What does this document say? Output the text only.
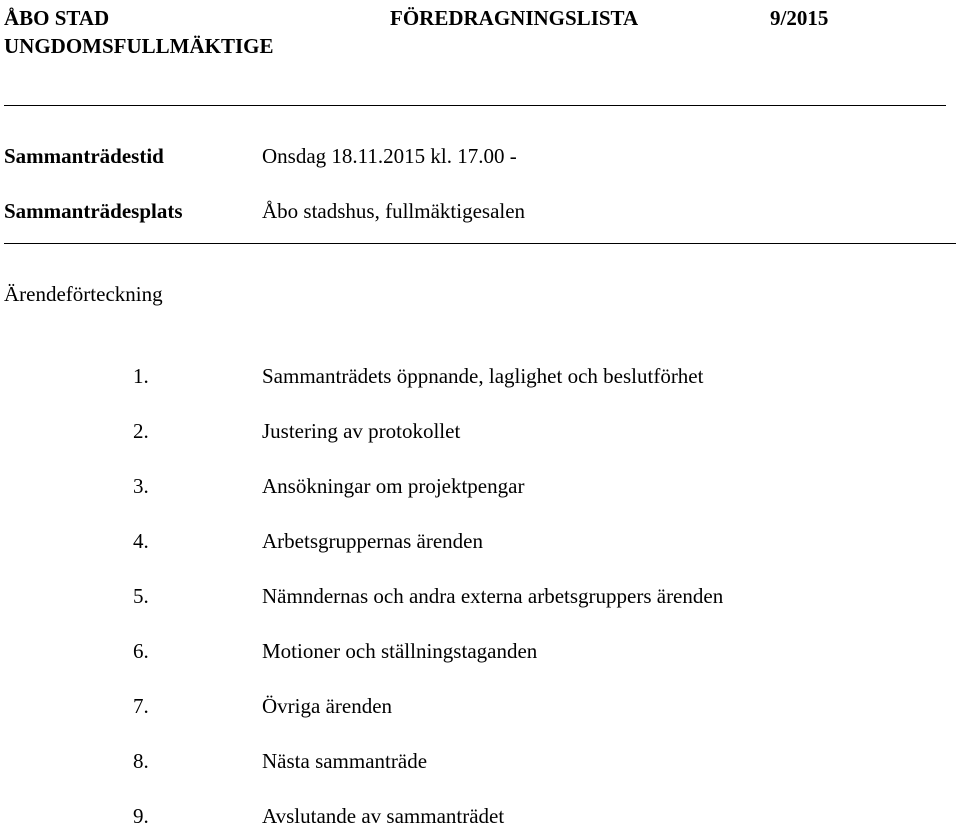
ÅBO STAD
UNGDOMSFULLMÄKTIGE
FÖREDRAGNINGSLISTA	9/2015
Sammanträdestid	Onsdag 18.11.2015 kl. 17.00 -
Sammanträdesplats	Åbo stadshus, fullmäktigesalen
Ärendeförteckning
1.	Sammanträdets öppnande, laglighet och beslutförhet
2.	Justering av protokollet
3.	Ansökningar om projektpengar
4.	Arbetsgruppernas ärenden
5.	Nämndernas och andra externa arbetsgruppers ärenden
6.	Motioner och ställningstaganden
7.	Övriga ärenden
8.	Nästa sammanträde
9.	Avslutande av sammanträdet
